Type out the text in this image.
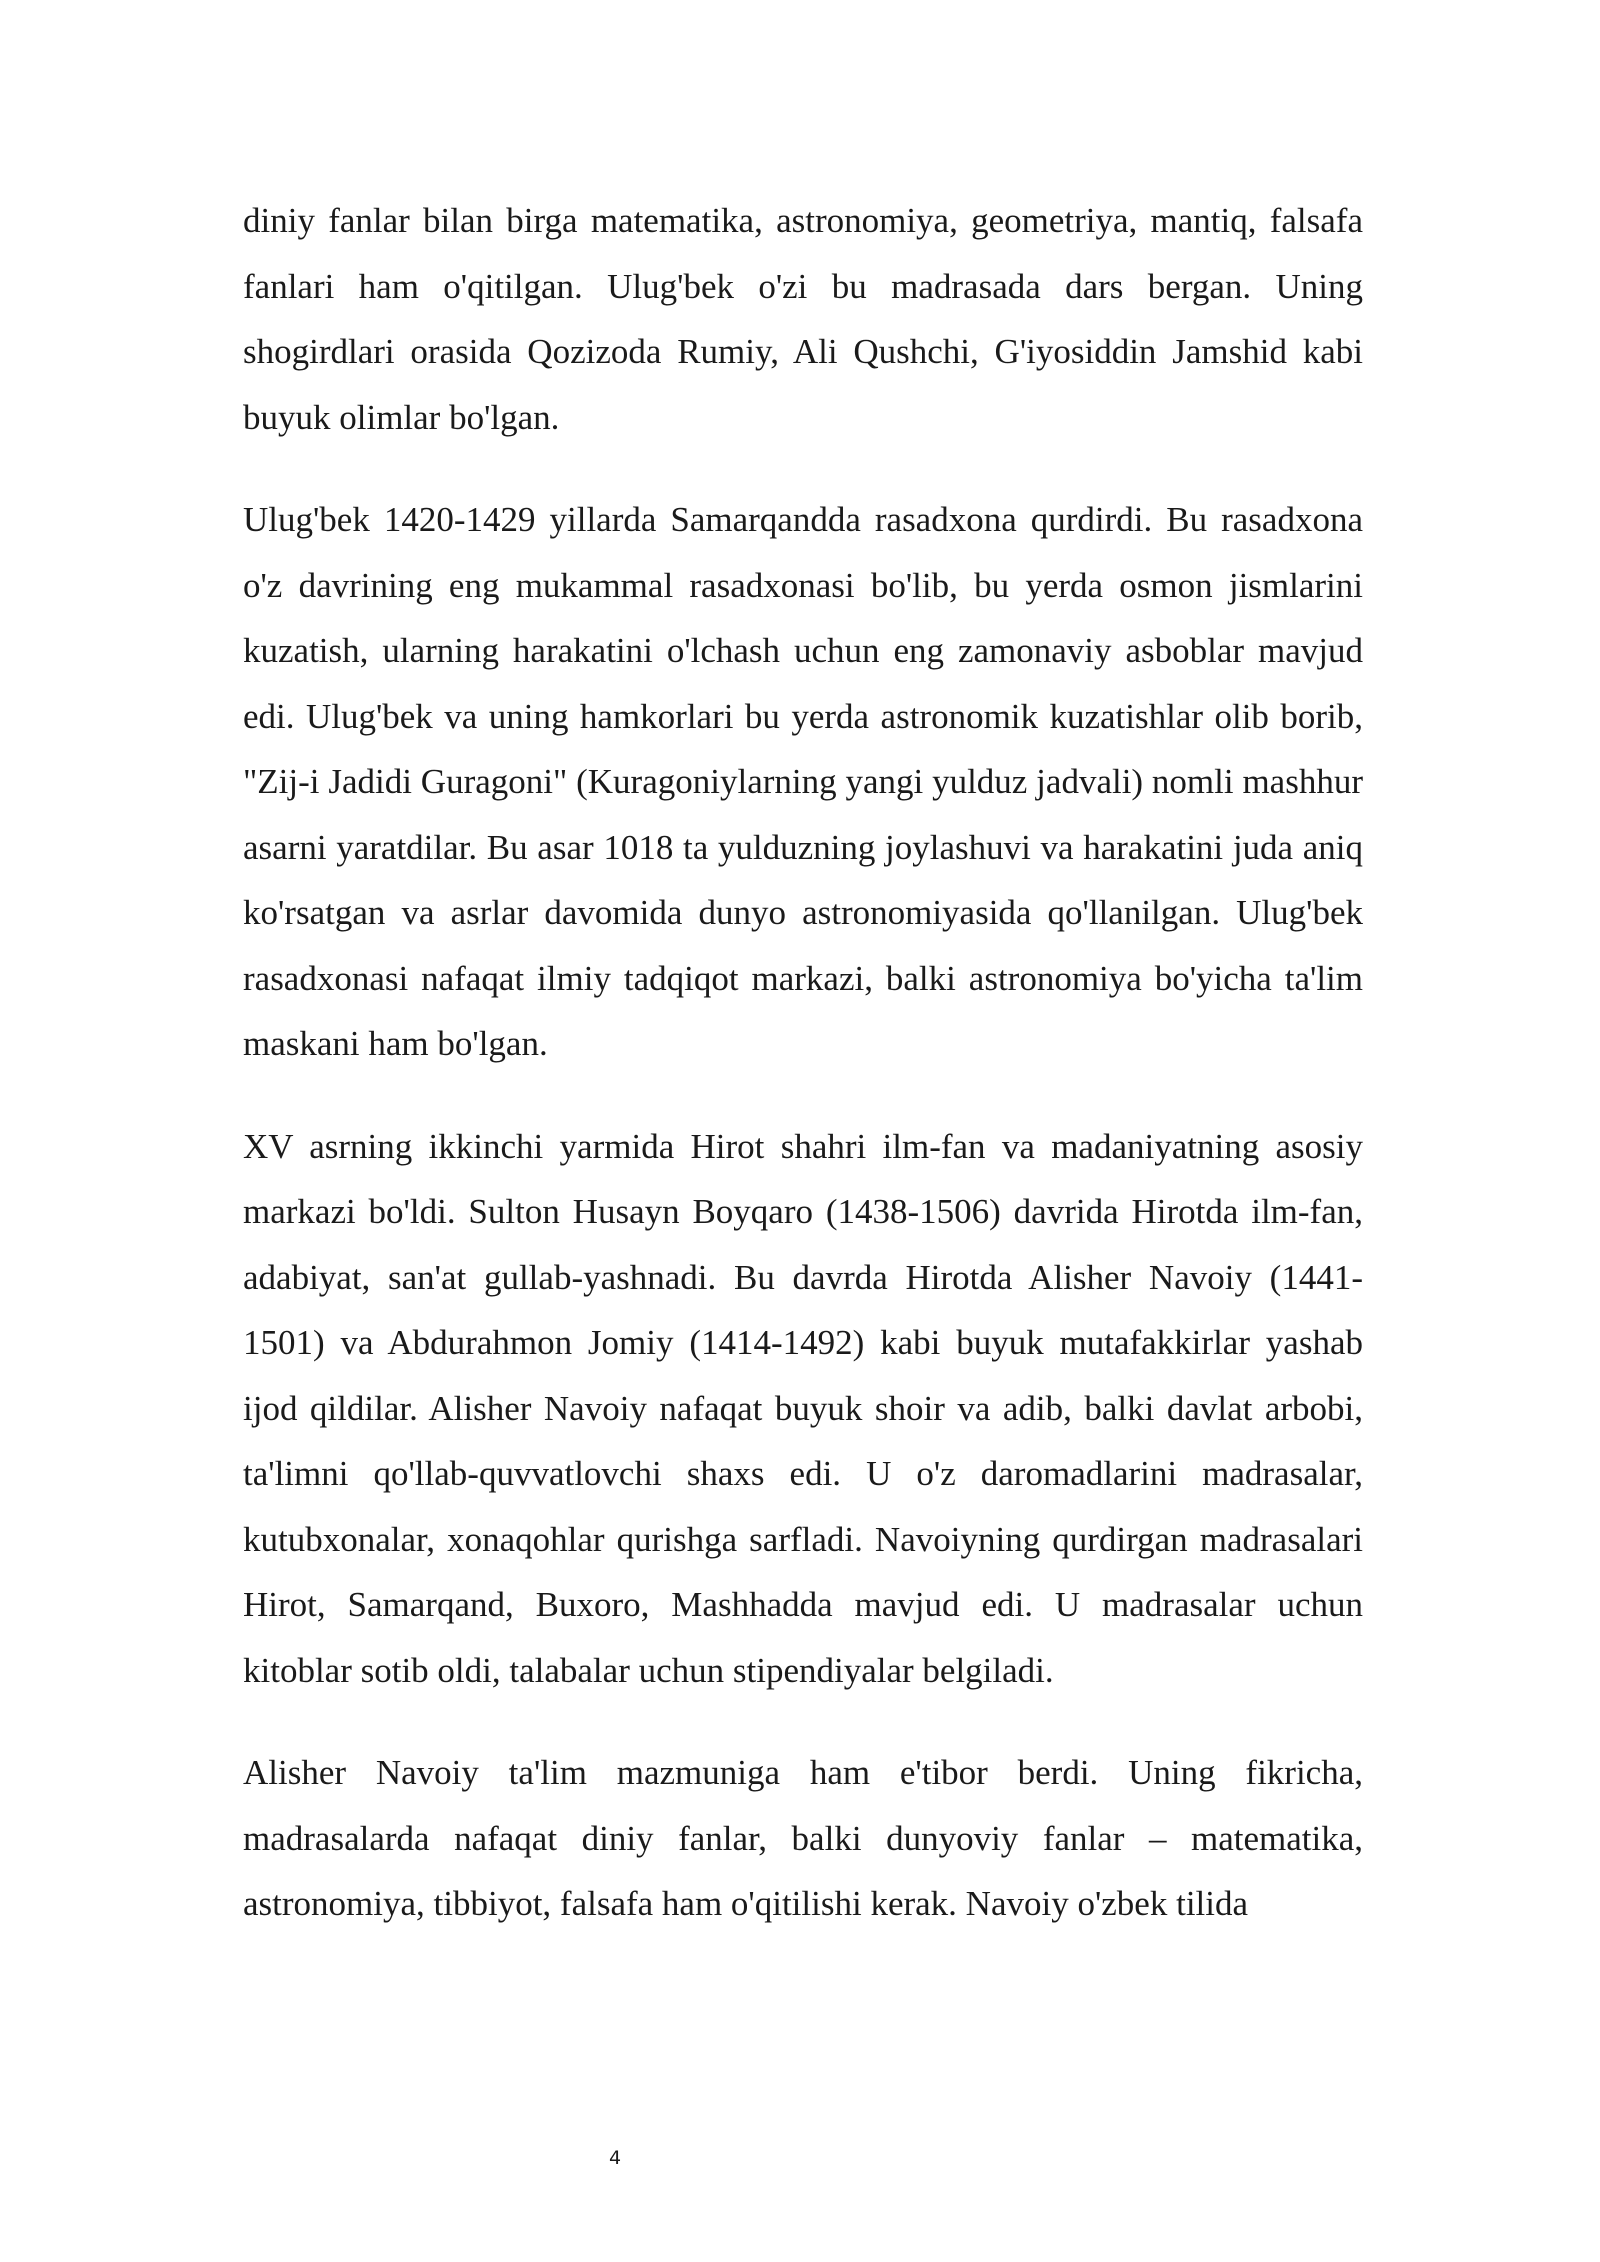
diniy fanlar bilan birga matematika, astronomiya, geometriya, mantiq, falsafa fanlari ham o'qitilgan. Ulug'bek o'zi bu madrasada dars bergan. Uning shogirdlari orasida Qozizoda Rumiy, Ali Qushchi, G'iyosiddin Jamshid kabi buyuk olimlar bo'lgan.

Ulug'bek 1420-1429 yillarda Samarqandda rasadxona qurdirdi. Bu rasadxona o'z davrining eng mukammal rasadxonasi bo'lib, bu yerda osmon jismlarini kuzatish, ularning harakatini o'lchash uchun eng zamonaviy asboblar mavjud edi. Ulug'bek va uning hamkorlari bu yerda astronomik kuzatishlar olib borib, "Zij-i Jadidi Guragoni" (Kuragoniylarning yangi yulduz jadvali) nomli mashhur asarni yaratdilar. Bu asar 1018 ta yulduzning joylashuvi va harakatini juda aniq ko'rsatgan va asrlar davomida dunyo astronomiyasida qo'llanilgan. Ulug'bek rasadxonasi nafaqat ilmiy tadqiqot markazi, balki astronomiya bo'yicha ta'lim maskani ham bo'lgan.

XV asrning ikkinchi yarmida Hirot shahri ilm-fan va madaniyatning asosiy markazi bo'ldi. Sulton Husayn Boyqaro (1438-1506) davrida Hirotda ilm-fan, adabiyat, san'at gullab-yashnadi. Bu davrda Hirotda Alisher Navoiy (1441-1501) va Abdurahmon Jomiy (1414-1492) kabi buyuk mutafakkirlar yashab ijod qildilar. Alisher Navoiy nafaqat buyuk shoir va adib, balki davlat arbobi, ta'limni qo'llab-quvvatlovchi shaxs edi. U o'z daromadlarini madrasalar, kutubxonalar, xonaqohlar qurishga sarfladi. Navoiyning qurdirgan madrasalari Hirot, Samarqand, Buxoro, Mashhadda mavjud edi. U madrasalar uchun kitoblar sotib oldi, talabalar uchun stipendiyalar belgiladi.

Alisher Navoiy ta'lim mazmuniga ham e'tibor berdi. Uning fikricha, madrasalarda nafaqat diniy fanlar, balki dunyoviy fanlar – matematika, astronomiya, tibbiyot, falsafa ham o'qitilishi kerak. Navoiy o'zbek tilida

4
